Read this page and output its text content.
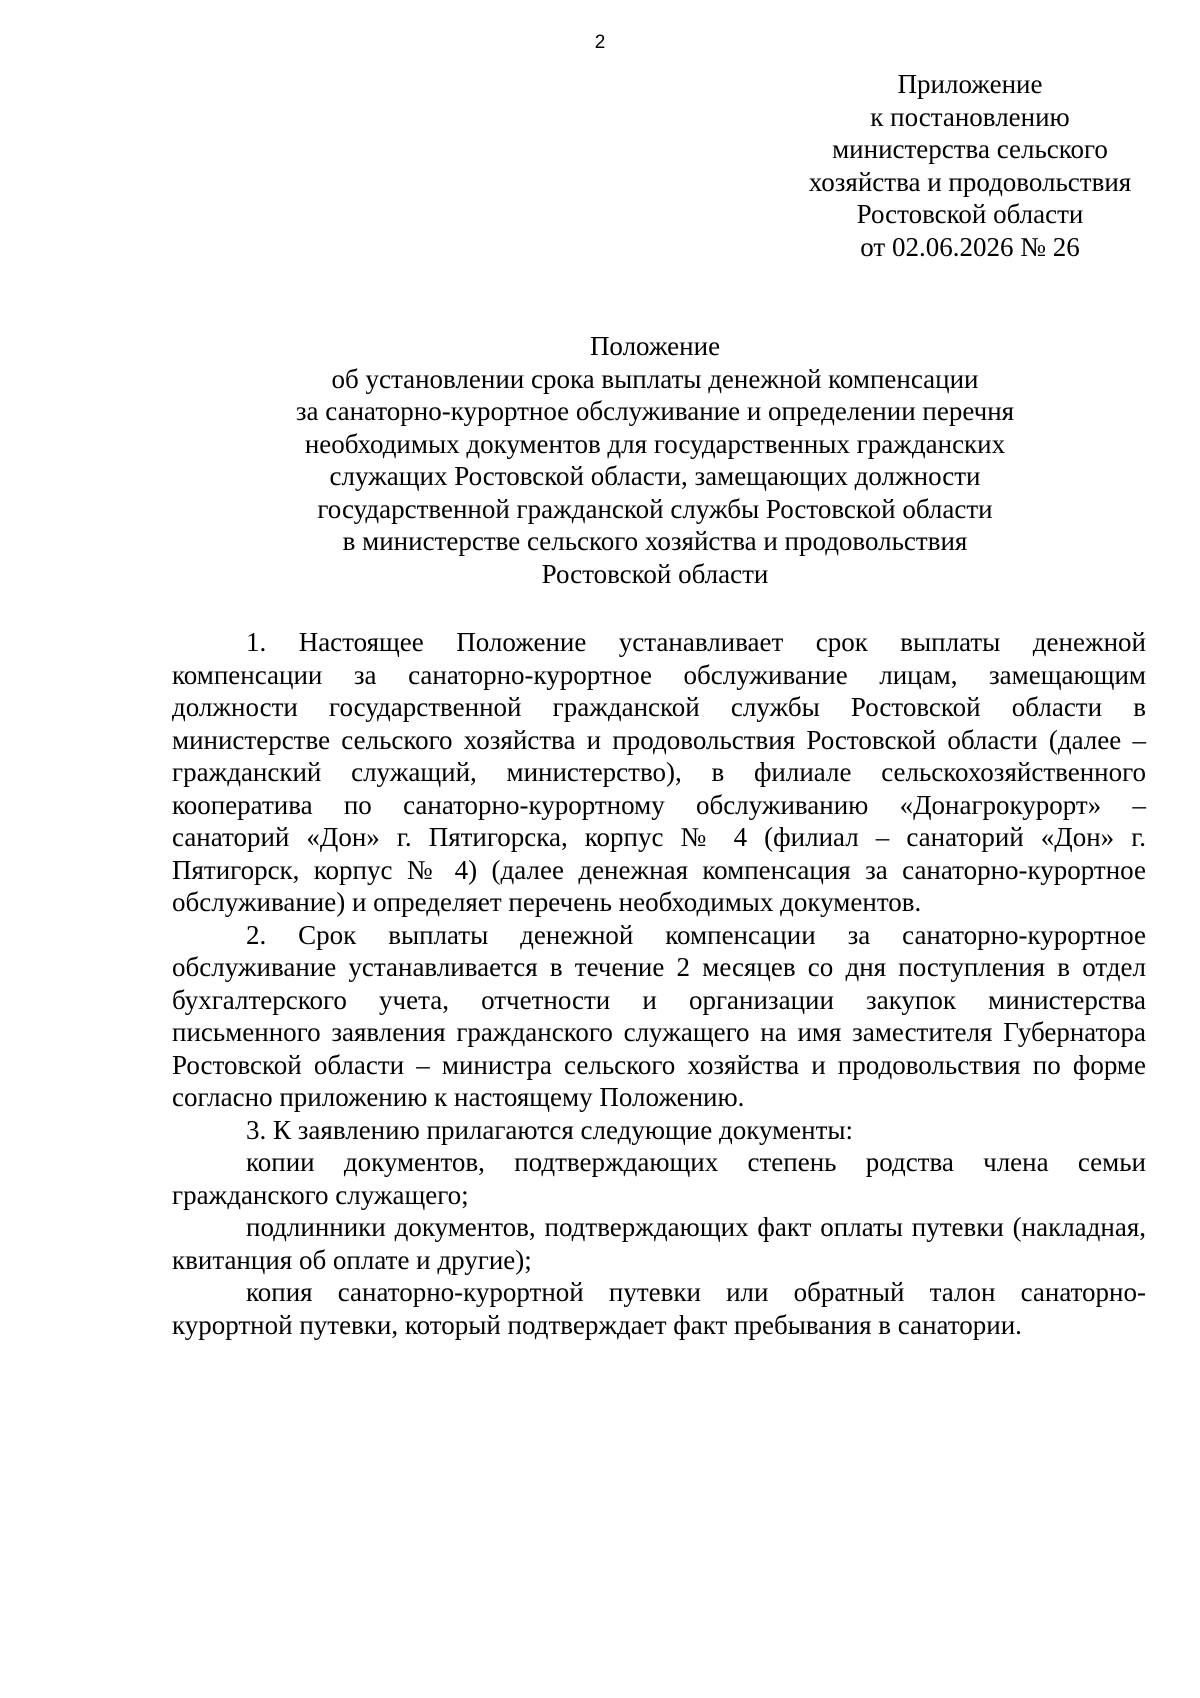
2
Приложение
к постановлению
министерства сельского
хозяйства и продовольствия
Ростовской области
от 02.06.2026 № 26
Положение
об установлении срока выплаты денежной компенсации
за санаторно-курортное обслуживание и определении перечня
необходимых документов для государственных гражданских
служащих Ростовской области, замещающих должности
государственной гражданской службы Ростовской области
в министерстве сельского хозяйства и продовольствия
Ростовской области

1. Настоящее Положение устанавливает срок выплаты денежной компенсации за санаторно-курортное обслуживание лицам, замещающим должности государственной гражданской службы Ростовской области в министерстве сельского хозяйства и продовольствия Ростовской области (далее – гражданский служащий, министерство), в филиале сельскохозяйственного кооператива по санаторно-курортному обслуживанию «Донагрокурорт» – санаторий «Дон» г. Пятигорска, корпус № 4 (филиал – санаторий «Дон» г. Пятигорск, корпус № 4) (далее денежная компенсация за санаторно-курортное обслуживание) и определяет перечень необходимых документов.

2. Срок выплаты денежной компенсации за санаторно-курортное обслуживание устанавливается в течение 2 месяцев со дня поступления в отдел бухгалтерского учета, отчетности и организации закупок министерства письменного заявления гражданского служащего на имя заместителя Губернатора Ростовской области – министра сельского хозяйства и продовольствия по форме согласно приложению к настоящему Положению.

3. К заявлению прилагаются следующие документы:

копии документов, подтверждающих степень родства члена семьи гражданского служащего;

подлинники документов, подтверждающих факт оплаты путевки (накладная, квитанция об оплате и другие);

копия санаторно-курортной путевки или обратный талон санаторно-курортной путевки, который подтверждает факт пребывания в санатории.
